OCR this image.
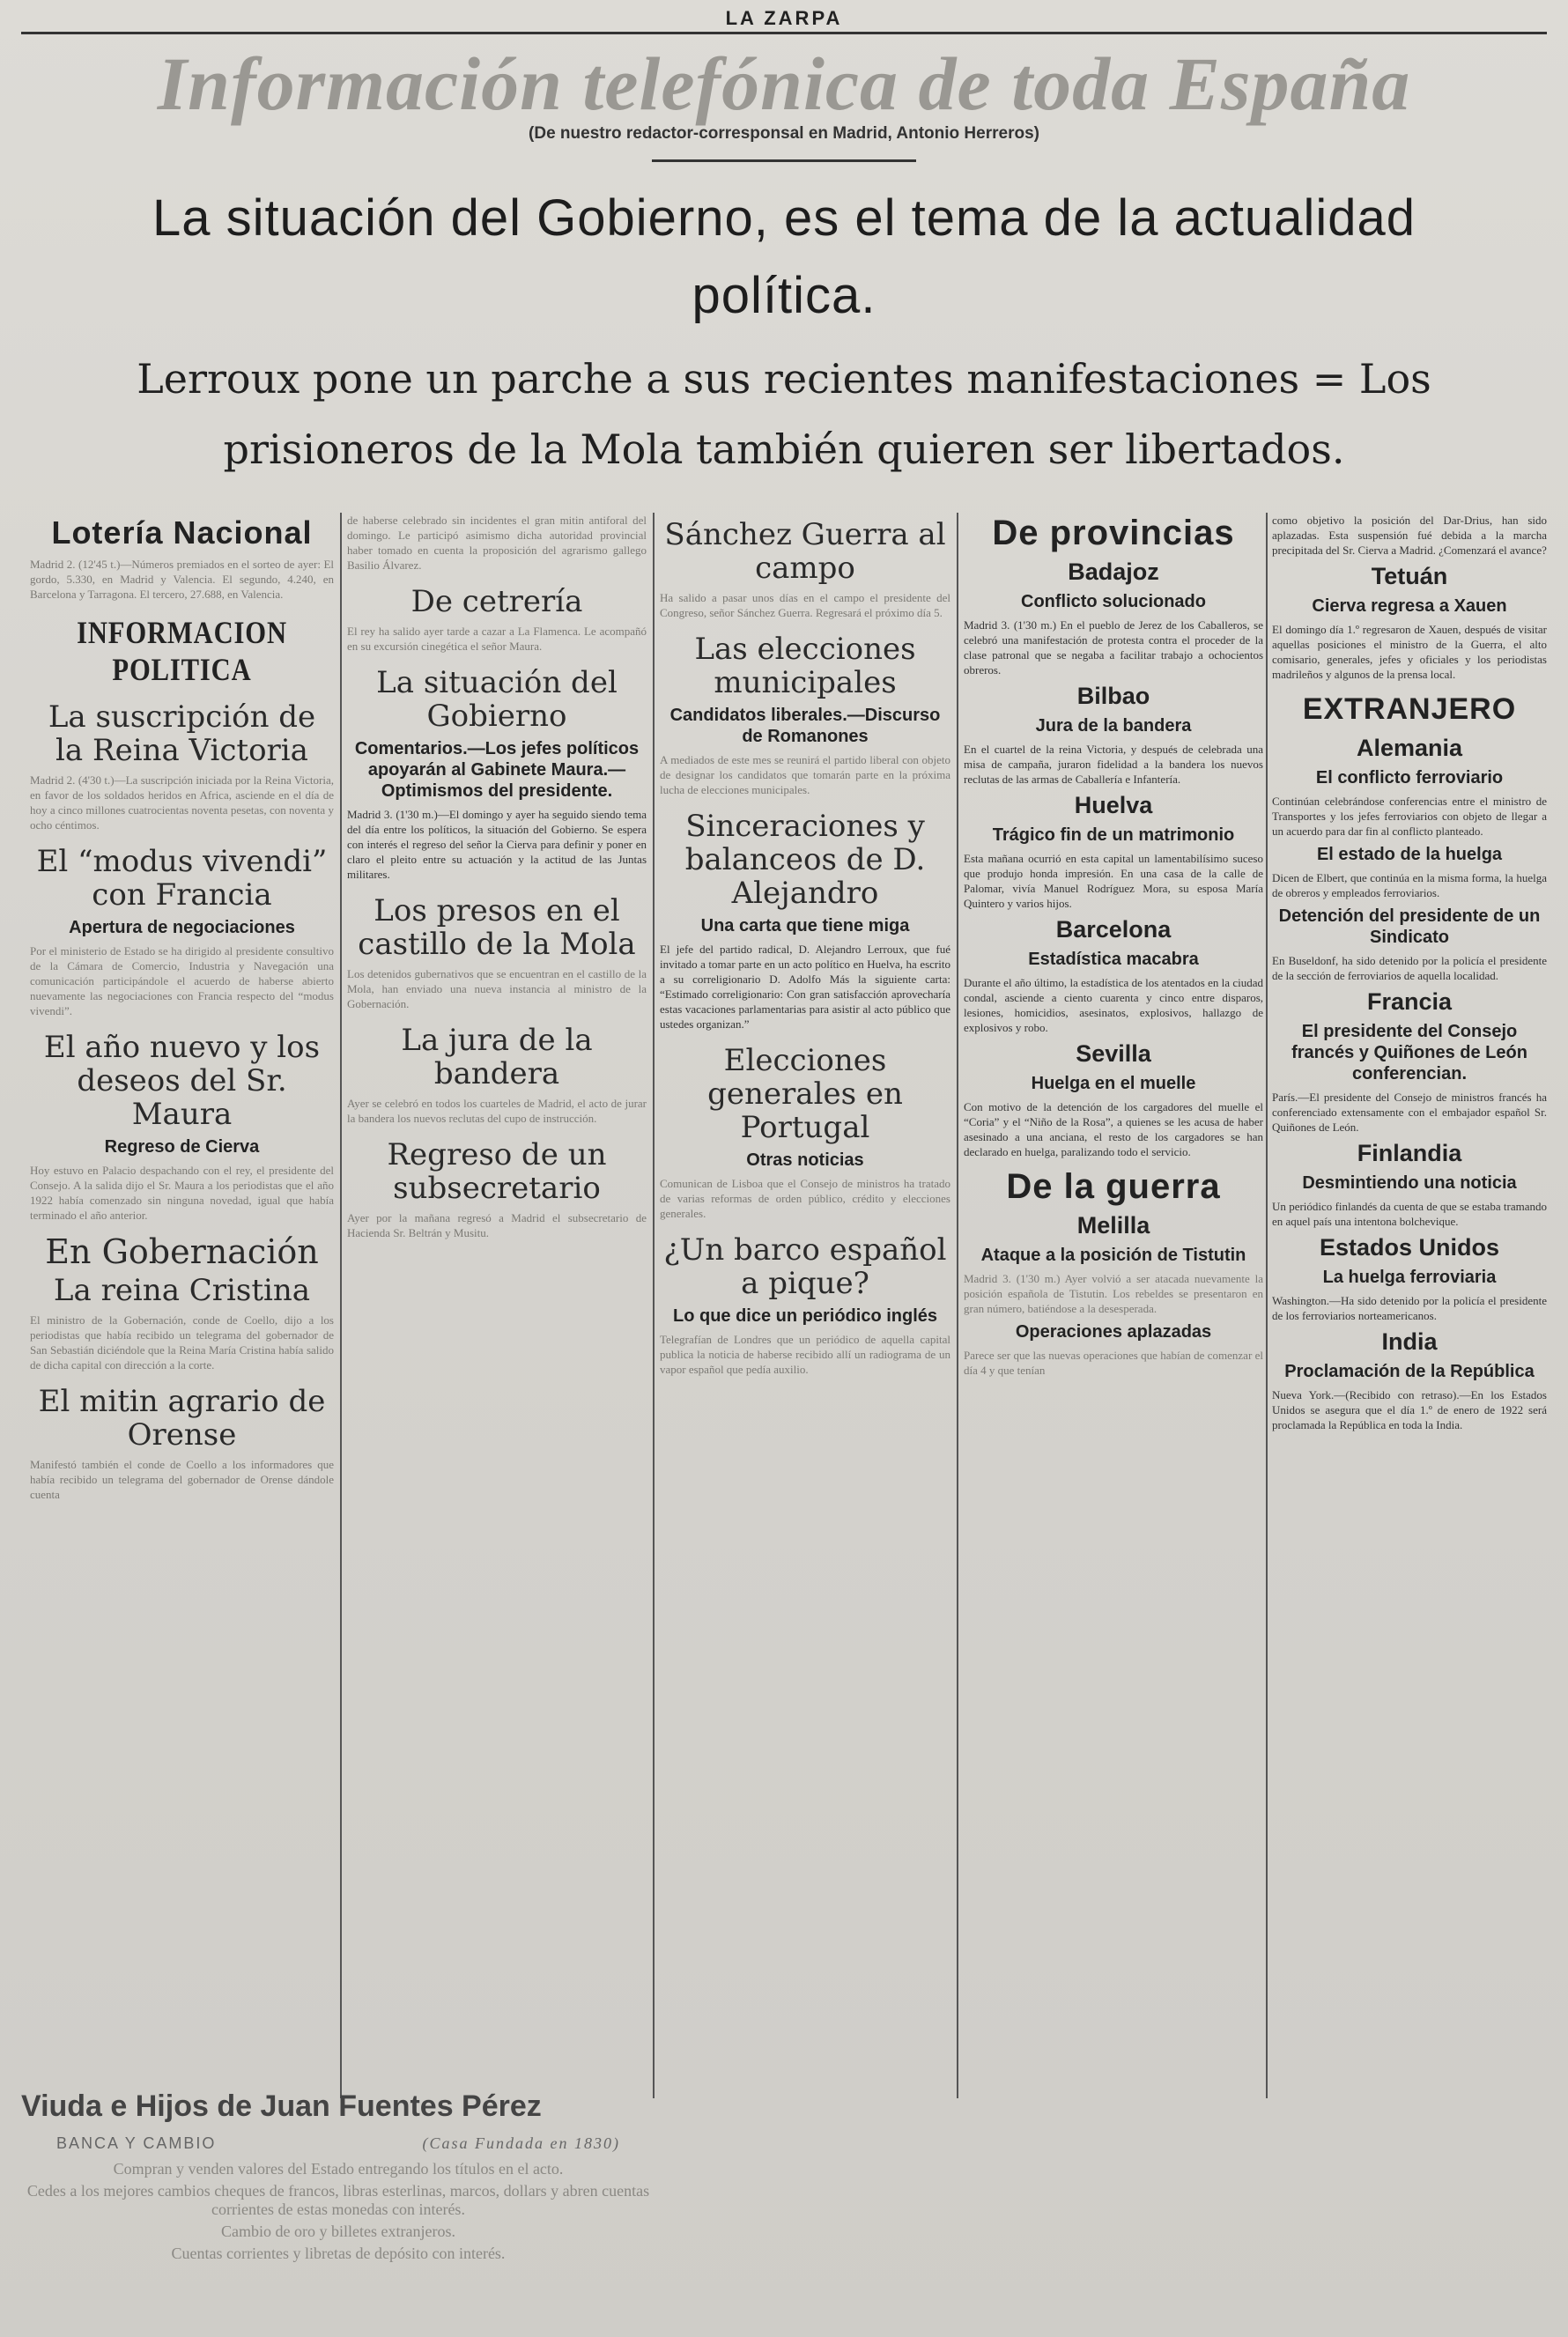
LA ZARPA
Información telefónica de toda España
(De nuestro redactor-corresponsal en Madrid, Antonio Herreros)
La situación del Gobierno, es el tema de la actualidad política.
Lerroux pone un parche a sus recientes manifestaciones = Los prisioneros de la Mola también quieren ser libertados.
Lotería Nacional

Madrid 2. (12'45 t.)—Números premiados en el sorteo de ayer: El gordo, 5.330, en Madrid y Valencia. El segundo, 4.240, en Barcelona y Tarragona. El tercero, 27.688, en Valencia.

INFORMACION POLITICA
La suscripción de la Reina Victoria

Madrid 2. (4'30 t.)—La suscripción iniciada por la Reina Victoria, en favor de los soldados heridos en Africa, asciende en el día de hoy a cinco millones cuatrocientas noventa pesetas, con noventa y ocho céntimos.

El “modus vivendi” con Francia
Apertura de negociaciones

Por el ministerio de Estado se ha dirigido al presidente consultivo de la Cámara de Comercio, Industria y Navegación una comunicación participándole el acuerdo de haberse abierto nuevamente las negociaciones con Francia respecto del “modus vivendi”.

El año nuevo y los deseos del Sr. Maura
Regreso de Cierva

Hoy estuvo en Palacio despachando con el rey, el presidente del Consejo. A la salida dijo el Sr. Maura a los periodistas que el año 1922 había comenzado sin ninguna novedad, igual que había terminado el año anterior.

En Gobernación
La reina Cristina

El ministro de la Gobernación, conde de Coello, dijo a los periodistas que había recibido un telegrama del gobernador de San Sebastián diciéndole que la Reina María Cristina había salido de dicha capital con dirección a la corte.

El mitin agrario de Orense

Manifestó también el conde de Coello a los informadores que había recibido un telegrama del gobernador de Orense dándole cuenta

de haberse celebrado sin incidentes el gran mitin antiforal del domingo. Le participó asimismo dicha autoridad provincial haber tomado en cuenta la proposición del agrarismo gallego Basilio Álvarez.

De cetrería

El rey ha salido ayer tarde a cazar a La Flamenca. Le acompañó en su excursión cinegética el señor Maura.

La situación del Gobierno
Comentarios.—Los jefes políticos apoyarán al Gabinete Maura.—Optimismos del presidente.

Madrid 3. (1'30 m.)—El domingo y ayer ha seguido siendo tema del día entre los políticos, la situación del Gobierno. Se espera con interés el regreso del señor la Cierva para definir y poner en claro el pleito entre su actuación y la actitud de las Juntas militares.

Los presos en el castillo de la Mola

Los detenidos gubernativos que se encuentran en el castillo de la Mola, han enviado una nueva instancia al ministro de la Gobernación.

La jura de la bandera

Ayer se celebró en todos los cuarteles de Madrid, el acto de jurar la bandera los nuevos reclutas del cupo de instrucción.

Regreso de un subsecretario

Ayer por la mañana regresó a Madrid el subsecretario de Hacienda Sr. Beltrán y Musitu.

Sánchez Guerra al campo

Ha salido a pasar unos días en el campo el presidente del Congreso, señor Sánchez Guerra. Regresará el próximo día 5.

Las elecciones municipales
Candidatos liberales.—Discurso de Romanones

A mediados de este mes se reunirá el partido liberal con objeto de designar los candidatos que tomarán parte en la próxima lucha de elecciones municipales.

Sinceraciones y balanceos de D. Alejandro
Una carta que tiene miga

El jefe del partido radical, D. Alejandro Lerroux, que fué invitado a tomar parte en un acto político en Huelva, ha escrito a su correligionario D. Adolfo Más la siguiente carta: “Estimado correligionario: Con gran satisfacción aprovecharía estas vacaciones parlamentarias para asistir al acto público que ustedes organizan.”

Elecciones generales en Portugal
Otras noticias

Comunican de Lisboa que el Consejo de ministros ha tratado de varias reformas de orden público, crédito y elecciones generales.

¿Un barco español a pique?
Lo que dice un periódico inglés

Telegrafían de Londres que un periódico de aquella capital publica la noticia de haberse recibido allí un radiograma de un vapor español que pedía auxilio.

De provincias
Badajoz
Conflicto solucionado

Madrid 3. (1'30 m.) En el pueblo de Jerez de los Caballeros, se celebró una manifestación de protesta contra el proceder de la clase patronal que se negaba a facilitar trabajo a ochocientos obreros.

Bilbao
Jura de la bandera

En el cuartel de la reina Victoria, y después de celebrada una misa de campaña, juraron fidelidad a la bandera los nuevos reclutas de las armas de Caballería e Infantería.

Huelva
Trágico fin de un matrimonio

Esta mañana ocurrió en esta capital un lamentabilísimo suceso que produjo honda impresión. En una casa de la calle de Palomar, vivía Manuel Rodríguez Mora, su esposa María Quintero y varios hijos.

Barcelona
Estadística macabra

Durante el año último, la estadística de los atentados en la ciudad condal, asciende a ciento cuarenta y cinco entre disparos, lesiones, homicidios, asesinatos, explosivos, hallazgo de explosivos y robo.

Sevilla
Huelga en el muelle

Con motivo de la detención de los cargadores del muelle el “Coria” y el “Niño de la Rosa”, a quienes se les acusa de haber asesinado a una anciana, el resto de los cargadores se han declarado en huelga, paralizando todo el servicio.

De la guerra
Melilla
Ataque a la posición de Tistutin

Madrid 3. (1'30 m.) Ayer volvió a ser atacada nuevamente la posición española de Tistutin. Los rebeldes se presentaron en gran número, batiéndose a la desesperada.

Operaciones aplazadas

Parece ser que las nuevas operaciones que habían de comenzar el día 4 y que tenían

como objetivo la posición del Dar-Drius, han sido aplazadas. Esta suspensión fué debida a la marcha precipitada del Sr. Cierva a Madrid. ¿Comenzará el avance?

Tetuán
Cierva regresa a Xauen

El domingo día 1.º regresaron de Xauen, después de visitar aquellas posiciones el ministro de la Guerra, el alto comisario, generales, jefes y oficiales y los periodistas madrileños y algunos de la prensa local.

EXTRANJERO
Alemania
El conflicto ferroviario

Continúan celebrándose conferencias entre el ministro de Transportes y los jefes ferroviarios con objeto de llegar a un acuerdo para dar fin al conflicto planteado.

El estado de la huelga

Dicen de Elbert, que continúa en la misma forma, la huelga de obreros y empleados ferroviarios.

Detención del presidente de un Sindicato

En Buseldonf, ha sido detenido por la policía el presidente de la sección de ferroviarios de aquella localidad.

Francia
El presidente del Consejo francés y Quiñones de León conferencian.

París.—El presidente del Consejo de ministros francés ha conferenciado extensamente con el embajador español Sr. Quiñones de León.

Finlandia
Desmintiendo una noticia

Un periódico finlandés da cuenta de que se estaba tramando en aquel país una intentona bolchevique.

Estados Unidos
La huelga ferroviaria

Washington.—Ha sido detenido por la policía el presidente de los ferroviarios norteamericanos.

India
Proclamación de la República

Nueva York.—(Recibido con retraso).—En los Estados Unidos se asegura que el día 1.º de enero de 1922 será proclamada la República en toda la India.

Viuda e Hijos de Juan Fuentes Pérez
BANCA Y CAMBIO	(Casa Fundada en 1830)
Compran y venden valores del Estado entregando los títulos en el acto.
Cedes a los mejores cambios cheques de francos, libras esterlinas, marcos, dollars y abren cuentas corrientes de estas monedas con interés.
Cambio de oro y billetes extranjeros.
Cuentas corrientes y libretas de depósito con interés.
